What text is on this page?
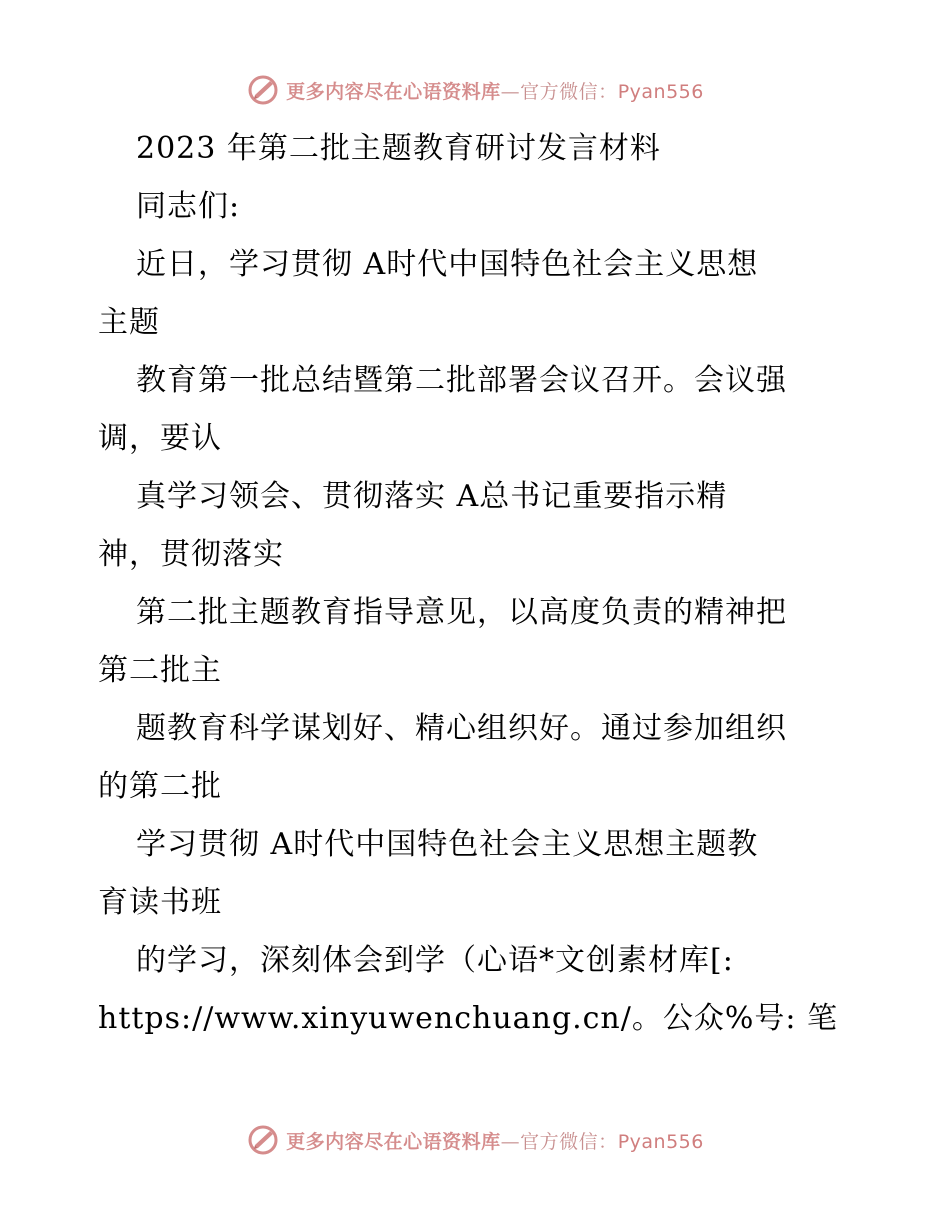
更多内容尽在心语资料库—官方微信：Pyan556
2023 年第二批主题教育研讨发言材料
同志们:
近日，学习贯彻 A时代中国特色社会主义思想
主题
教育第一批总结暨第二批部署会议召开。会议强
调，要认
真学习领会、贯彻落实 A总书记重要指示精
神，贯彻落实
第二批主题教育指导意见，以高度负责的精神把
第二批主
题教育科学谋划好、精心组织好。通过参加组织
的第二批
学习贯彻 A时代中国特色社会主义思想主题教
育读书班
的学习，深刻体会到学（心语*文创素材库[:
https://www.xinyuwenchuang.cn/。公众%号: 笔
更多内容尽在心语资料库—官方微信：Pyan556
